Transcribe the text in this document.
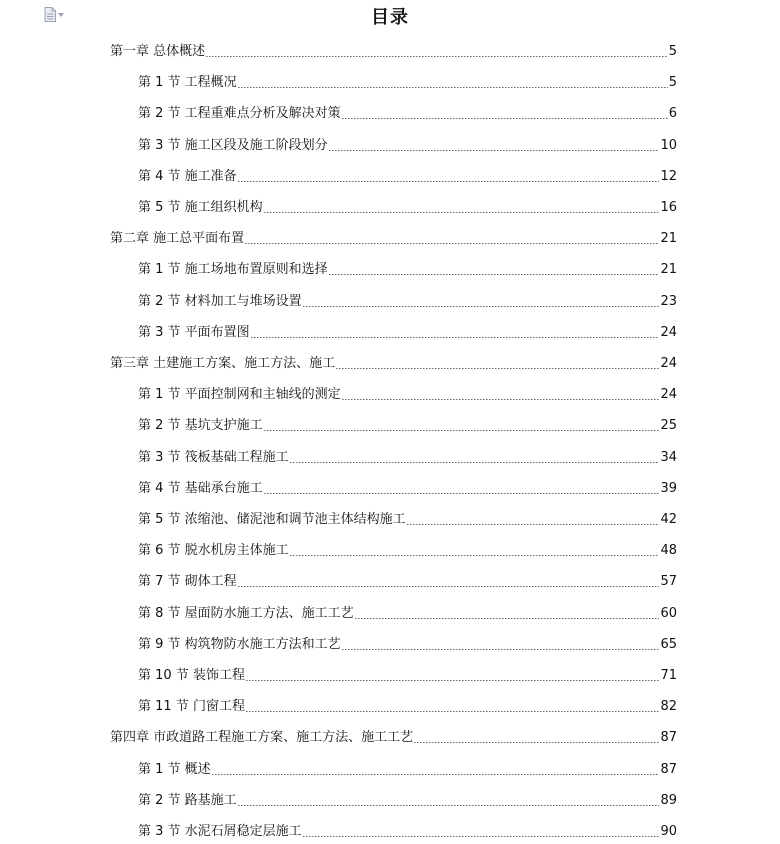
目录
第一章 总体概述	5
第 1 节 工程概况	5
第 2 节 工程重难点分析及解决对策	6
第 3 节 施工区段及施工阶段划分	10
第 4 节 施工准备	12
第 5 节 施工组织机构	16
第二章 施工总平面布置	21
第 1 节 施工场地布置原则和选择	21
第 2 节 材料加工与堆场设置	23
第 3 节 平面布置图	24
第三章 土建施工方案、施工方法、施工	24
第 1 节 平面控制网和主轴线的测定	24
第 2 节 基坑支护施工	25
第 3 节 筏板基础工程施工	34
第 4 节 基础承台施工	39
第 5 节 浓缩池、储泥池和调节池主体结构施工	42
第 6 节 脱水机房主体施工	48
第 7 节 砌体工程	57
第 8 节 屋面防水施工方法、施工工艺	60
第 9 节 构筑物防水施工方法和工艺	65
第 10 节 装饰工程	71
第 11 节 门窗工程	82
第四章 市政道路工程施工方案、施工方法、施工工艺	87
第 1 节 概述	87
第 2 节 路基施工	89
第 3 节 水泥石屑稳定层施工	90
